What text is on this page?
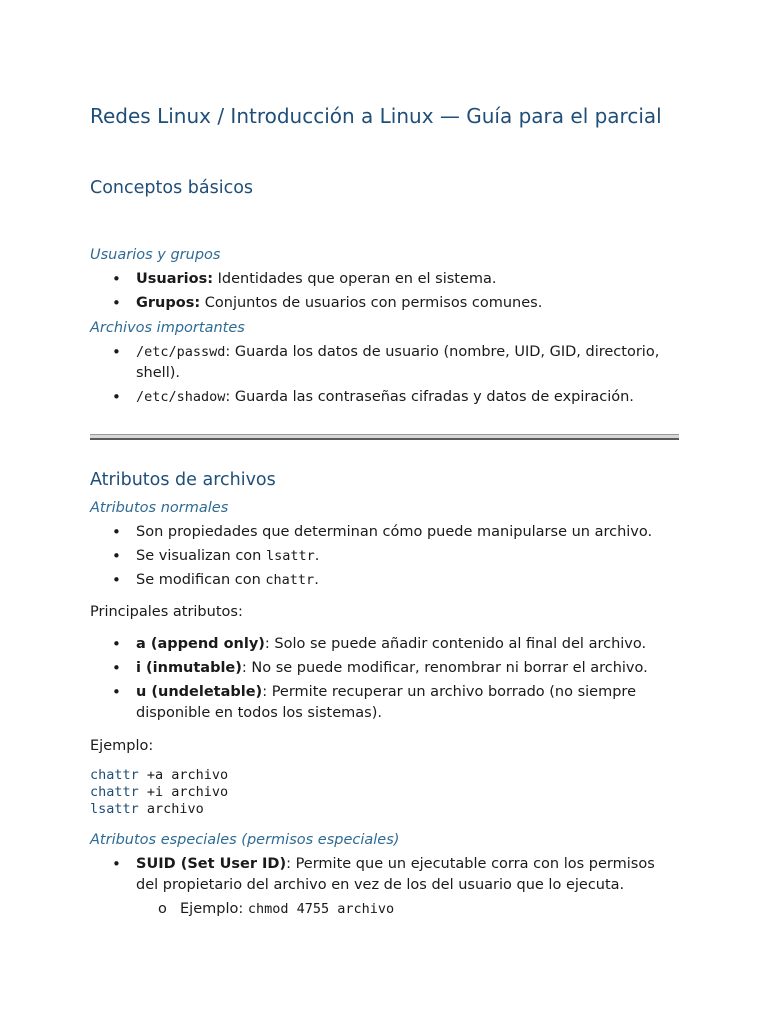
Redes Linux / Introducción a Linux — Guía para el parcial
Conceptos básicos
Usuarios y grupos
• Usuarios: Identidades que operan en el sistema.
• Grupos: Conjuntos de usuarios con permisos comunes.
Archivos importantes
• /etc/passwd: Guarda los datos de usuario (nombre, UID, GID, directorio, shell).
• /etc/shadow: Guarda las contraseñas cifradas y datos de expiración.
Atributos de archivos
Atributos normales
• Son propiedades que determinan cómo puede manipularse un archivo.
• Se visualizan con lsattr.
• Se modifican con chattr.

Principales atributos:

• a (append only): Solo se puede añadir contenido al final del archivo.
• i (inmutable): No se puede modificar, renombrar ni borrar el archivo.
• u (undeletable): Permite recuperar un archivo borrado (no siempre disponible en todos los sistemas).

Ejemplo:

chattr +a archivo
chattr +i archivo
lsattr archivo
Atributos especiales (permisos especiales)
• SUID (Set User ID): Permite que un ejecutable corra con los permisos del propietario del archivo en vez de los del usuario que lo ejecuta.
o Ejemplo: chmod 4755 archivo
